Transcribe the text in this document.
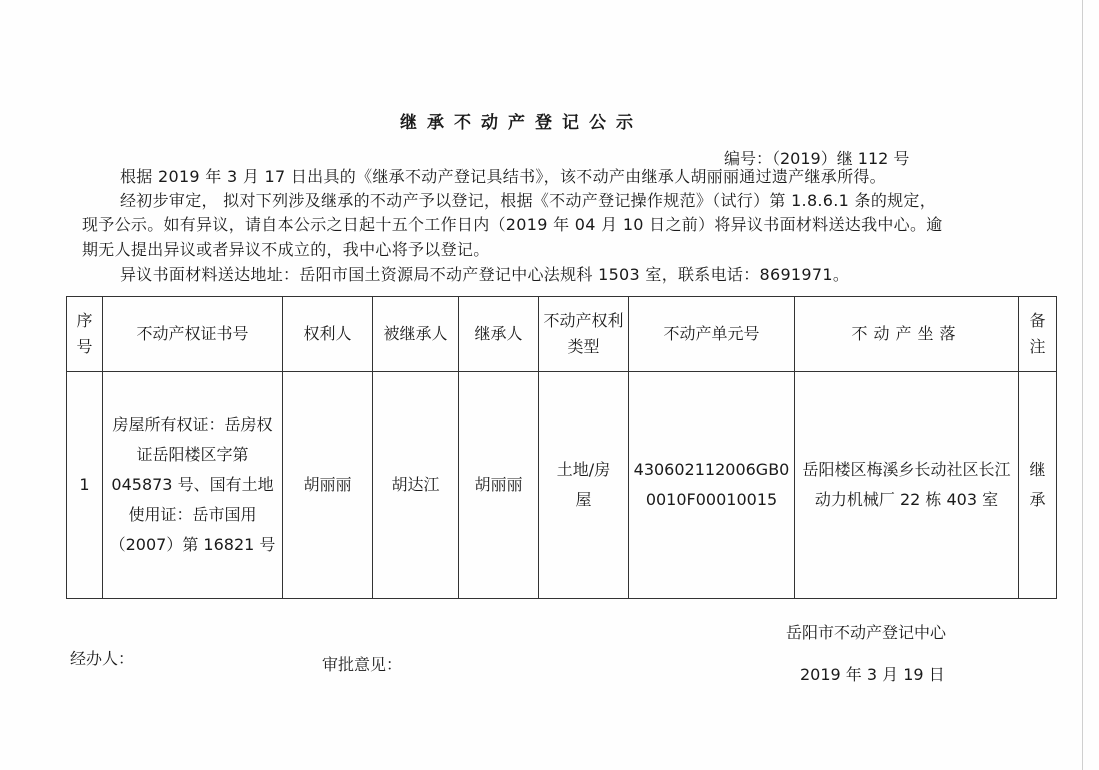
继承不动产登记公示
编号：（2019）继 112 号
根据 2019 年 3 月 17 日出具的《继承不动产登记具结书》，该不动产由继承人胡丽丽通过遗产继承所得。
经初步审定， 拟对下列涉及继承的不动产予以登记，根据《不动产登记操作规范》（试行）第 1.8.6.1 条的规定，
现予公示。如有异议，请自本公示之日起十五个工作日内（2019 年 04 月 10 日之前）将异议书面材料送达我中心。逾
期无人提出异议或者异议不成立的，我中心将予以登记。
异议书面材料送达地址：岳阳市国土资源局不动产登记中心法规科 1503 室，联系电话：8691971。
序号	不动产权证书号	权利人	被继承人	继承人	不动产权利类型	不动产单元号	不动产坐落	备注
1	房屋所有权证：岳房权证岳阳楼区字第 045873 号、国有土地使用证：岳市国用（2007）第 16821 号	胡丽丽	胡达江	胡丽丽	土地/房屋	430602112006GB00010F00010015	岳阳楼区梅溪乡长动社区长江动力机械厂 22 栋 403 室	继承
岳阳市不动产登记中心
经办人：	审批意见：
2019 年 3 月 19 日
